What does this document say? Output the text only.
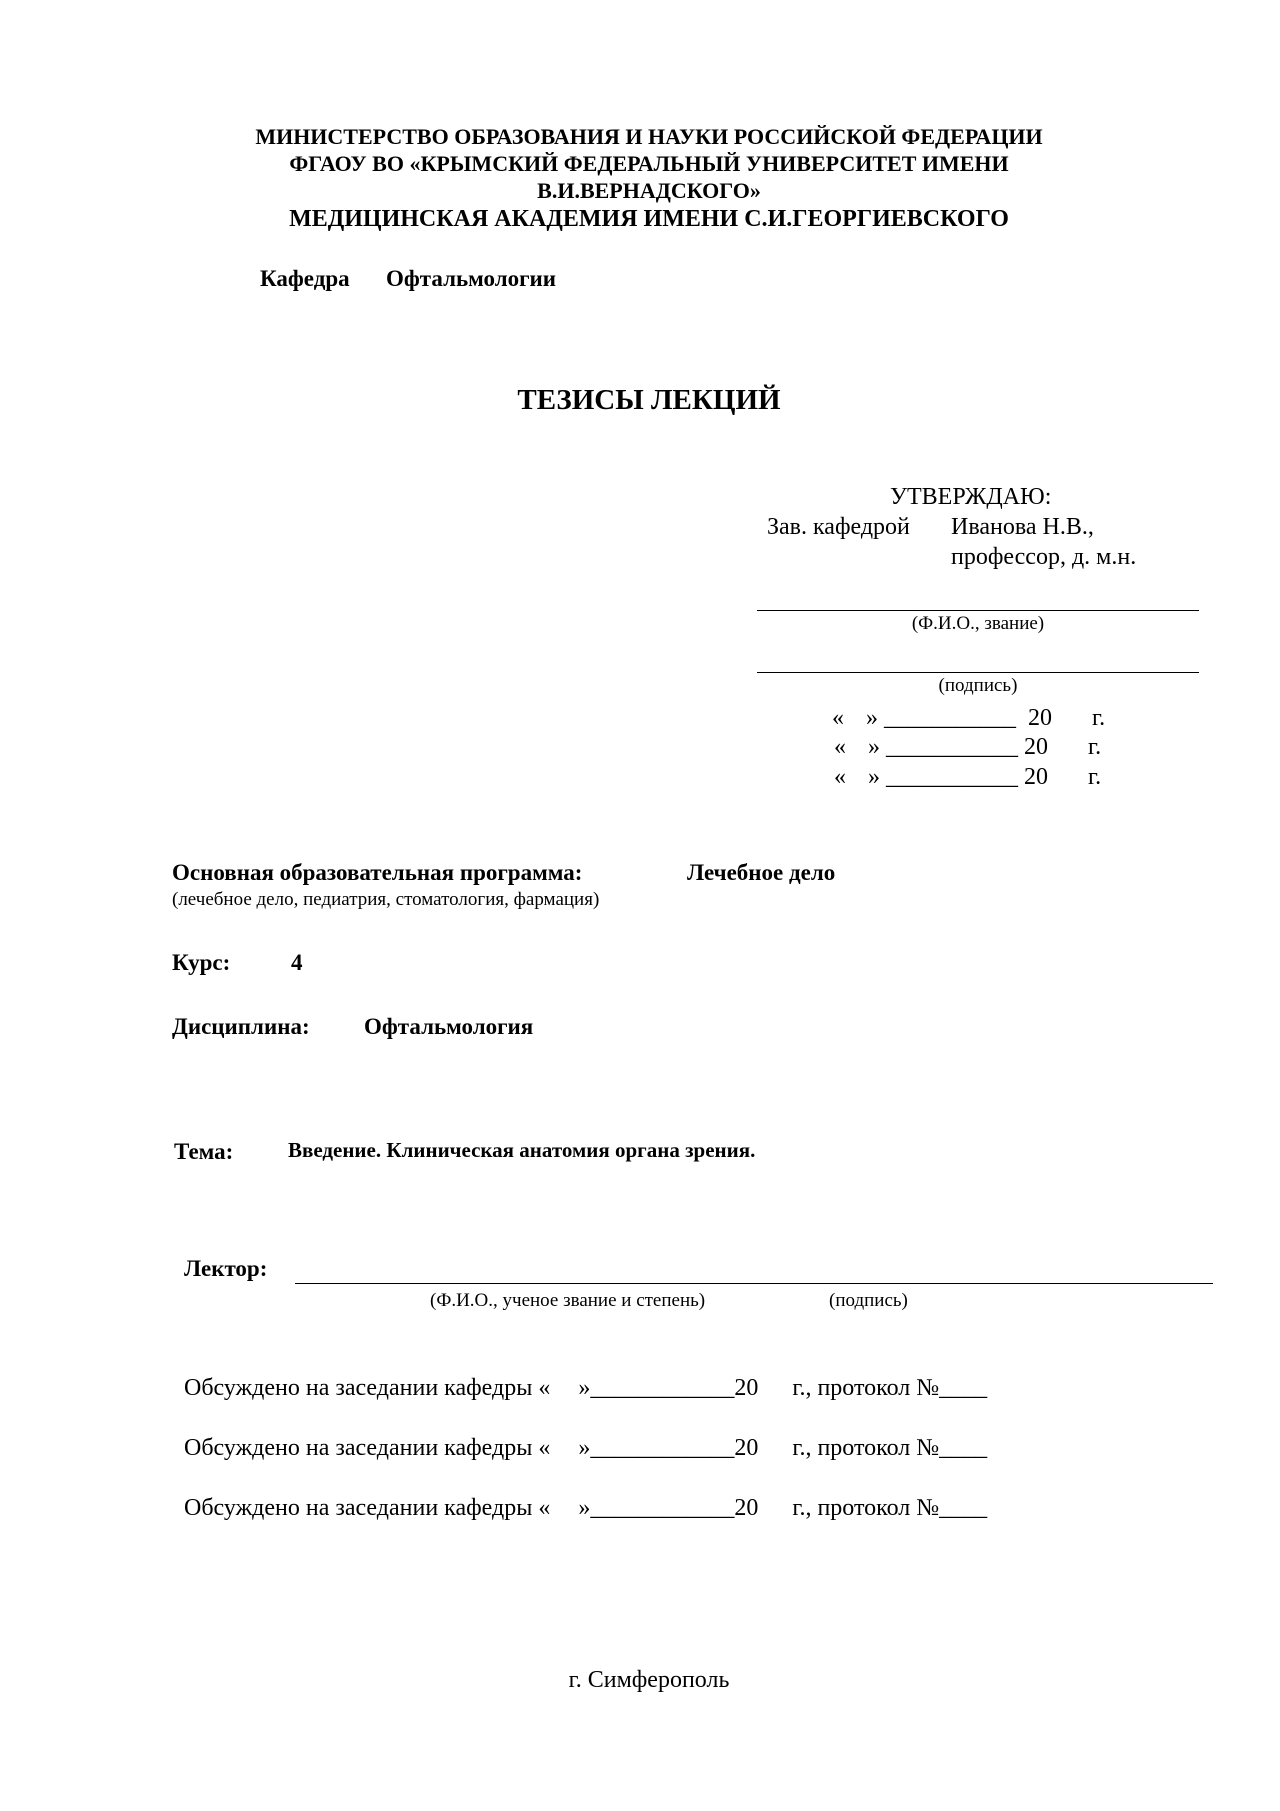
МИНИСТЕРСТВО ОБРАЗОВАНИЯ И НАУКИ РОССИЙСКОЙ ФЕДЕРАЦИИ
ФГАОУ ВО «КРЫМСКИЙ ФЕДЕРАЛЬНЫЙ УНИВЕРСИТЕТ ИМЕНИ
В.И.ВЕРНАДСКОГО»
МЕДИЦИНСКАЯ АКАДЕМИЯ ИМЕНИ С.И.ГЕОРГИЕВСКОГО
Кафедра Офтальмологии
ТЕЗИСЫ ЛЕКЦИЙ
УТВЕРЖДАЮ:
Зав. кафедрой Иванова Н.В.,
профессор, д. м.н.
(Ф.И.О., звание)
(подпись)
« » ___________ 20 г.
« » ___________ 20 г.
« » ___________ 20 г.
Основная образовательная программа:	Лечебное дело
(лечебное дело, педиатрия, стоматология, фармация)
Курс:	4
Дисциплина: Офтальмология
Тема:	Введение. Клиническая анатомия органа зрения.
Лектор:
(Ф.И.О., ученое звание и степень)	(подпись)
Обсуждено на заседании кафедры « »____________20 г., протокол №____
Обсуждено на заседании кафедры « »____________20 г., протокол №____
Обсуждено на заседании кафедры « »____________20 г., протокол №____
г. Симферополь
